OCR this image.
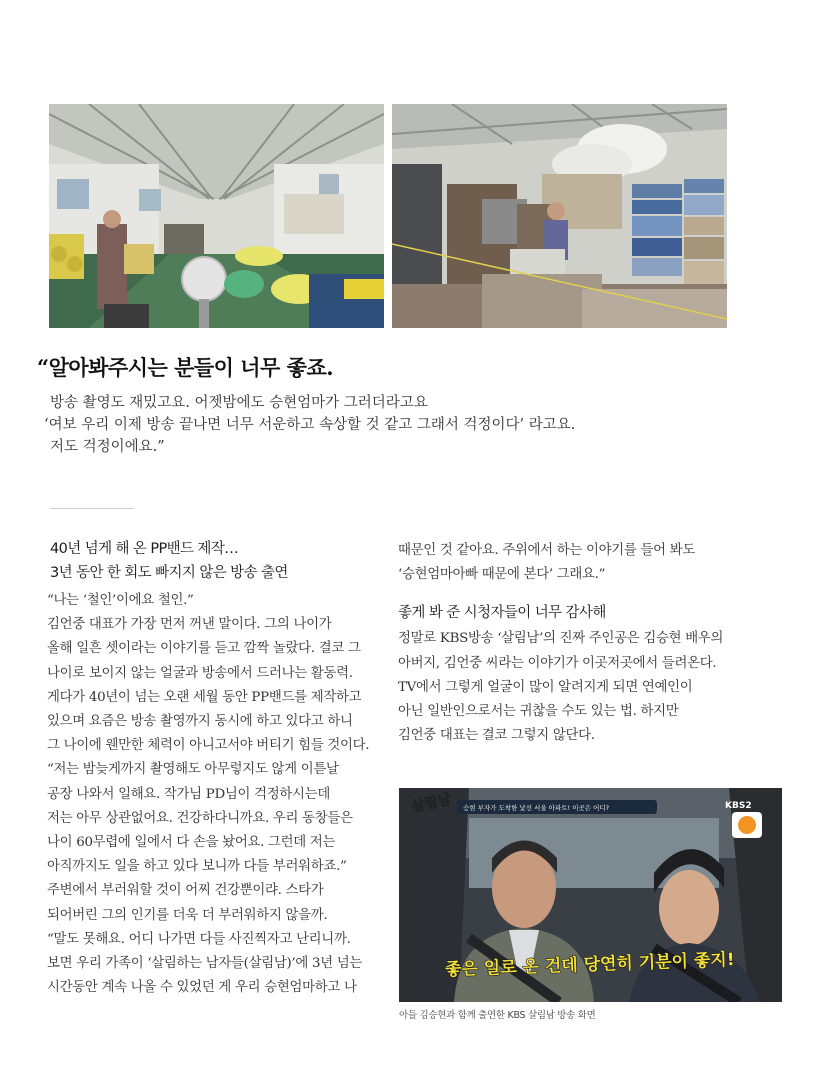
“알아봐주시는 분들이 너무 좋죠.

방송 촬영도 재밌고요. 어젯밤에도 승현엄마가 그러더라고요

‘여보 우리 이제 방송 끝나면 너무 서운하고 속상할 것 같고 그래서 걱정이다’ 라고요.

저도 걱정이에요.”

40년 넘게 해 온 PP밴드 제작…

3년 동안 한 회도 빠지지 않은 방송 출연

“나는 ‘철인’이에요 철인.”

김언중 대표가 가장 먼저 꺼낸 말이다. 그의 나이가

올해 일흔 셋이라는 이야기를 듣고 깜짝 놀랐다. 결코 그

나이로 보이지 않는 얼굴과 방송에서 드러나는 활동력.

게다가 40년이 넘는 오랜 세월 동안 PP밴드를 제작하고

있으며 요즘은 방송 촬영까지 동시에 하고 있다고 하니

그 나이에 웬만한 체력이 아니고서야 버티기 힘들 것이다.

“저는 밤늦게까지 촬영해도 아무렇지도 않게 이튿날

공장 나와서 일해요. 작가님 PD님이 걱정하시는데

저는 아무 상관없어요. 건강하다니까요. 우리 동창들은

나이 60무렵에 일에서 다 손을 놨어요. 그런데 저는

아직까지도 일을 하고 있다 보니까 다들 부러워하죠.”

주변에서 부러워할 것이 어찌 건강뿐이랴. 스타가

되어버린 그의 인기를 더욱 더 부러워하지 않을까.

“말도 못해요. 어디 나가면 다들 사진찍자고 난리니까.

보면 우리 가족이 ‘살림하는 남자들(살림남)’에 3년 넘는

시간동안 계속 나올 수 있었던 게 우리 승현엄마하고 나

때문인 것 같아요. 주위에서 하는 이야기를 들어 봐도

‘승현엄마아빠 때문에 본다’ 그래요.”

좋게 봐 준 시청자들이 너무 감사해

정말로 KBS방송 ‘살림남’의 진짜 주인공은 김승현 배우의

아버지, 김언중 씨라는 이야기가 이곳저곳에서 들려온다.

TV에서 그렇게 얼굴이 많이 알려지게 되면 연예인이

아닌 일반인으로서는 귀찮을 수도 있는 법. 하지만

김언중 대표는 결코 그렇지 않단다.

승현 부자가 도착한 낯선 서울 아파트! 이곳은 어디?
살림남	KBS2
좋은 일로 온 건데 당연히 기분이 좋지!
아들 김승현과 함께 출연한 KBS 살림남 방송 화면
